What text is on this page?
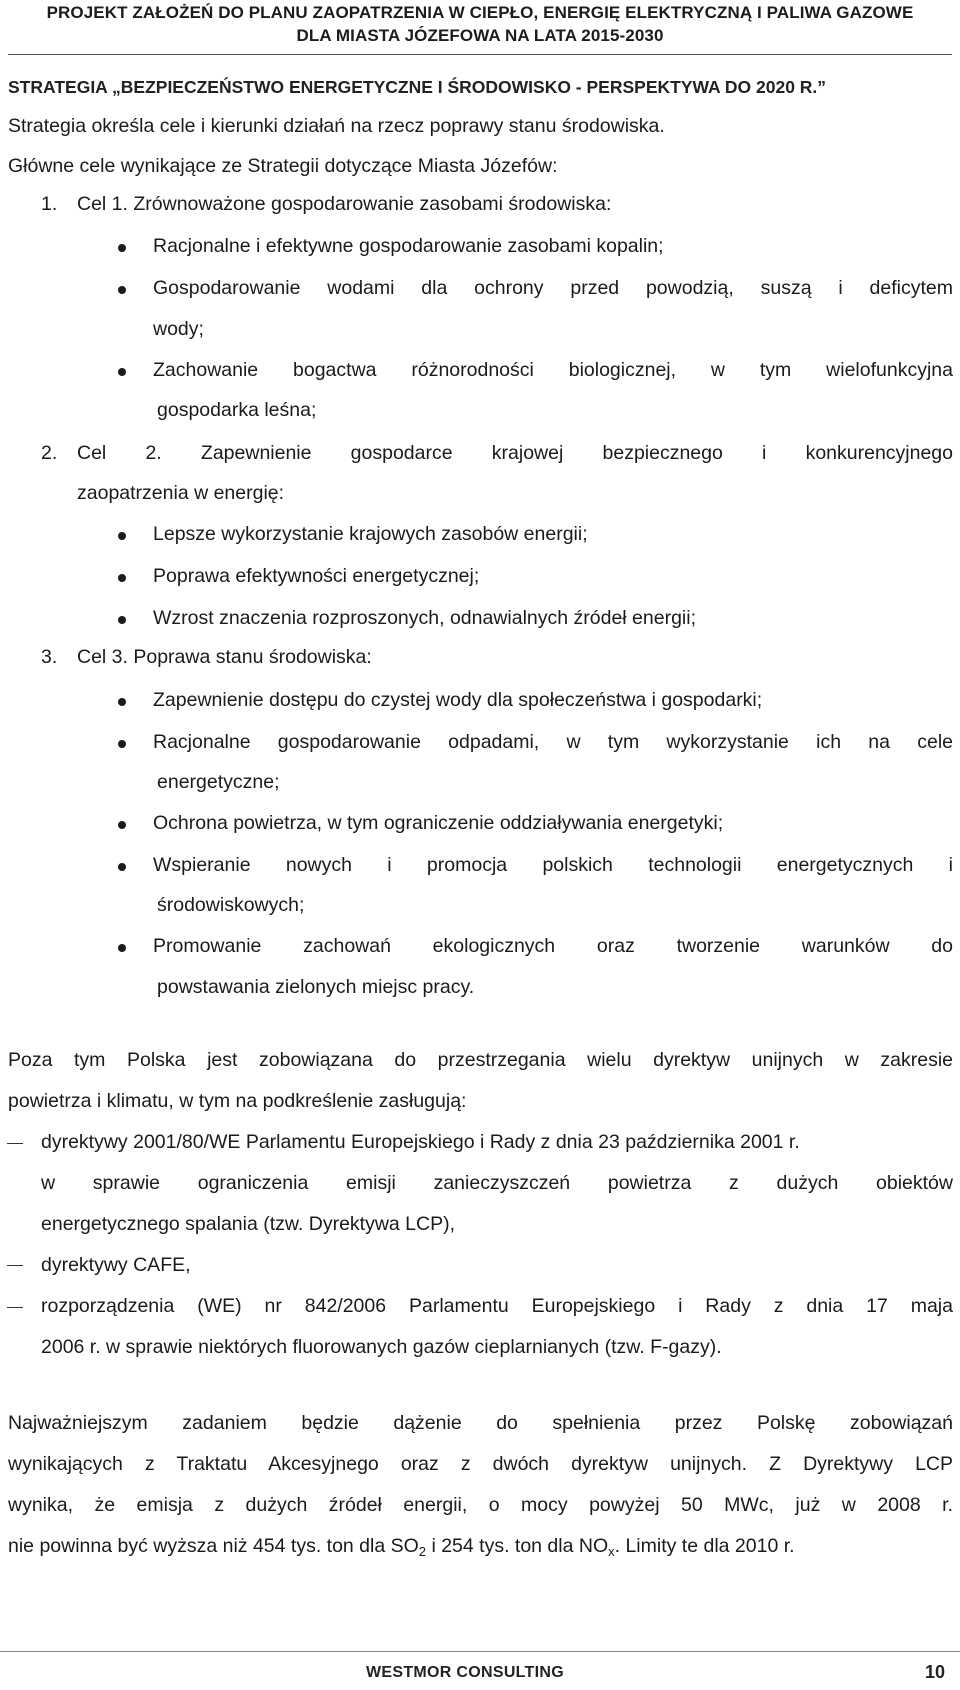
PROJEKT ZAŁOŻEŃ DO PLANU ZAOPATRZENIA W CIEPŁO, ENERGIĘ ELEKTRYCZNĄ I PALIWA GAZOWE
DLA MIASTA JÓZEFOWA NA LATA 2015-2030
STRATEGIA „BEZPIECZEŃSTWO ENERGETYCZNE I ŚRODOWISKO - PERSPEKTYWA DO 2020 R.”
Strategia określa cele i kierunki działań na rzecz poprawy stanu środowiska.
Główne cele wynikające ze Strategii dotyczące Miasta Józefów:
1. Cel 1. Zrównoważone gospodarowanie zasobami środowiska:
Racjonalne i efektywne gospodarowanie zasobami kopalin;
Gospodarowanie wodami dla ochrony przed powodzią, suszą i deficytem
wody;
Zachowanie bogactwa różnorodności biologicznej, w tym wielofunkcyjna
gospodarka leśna;
2. Cel 2. Zapewnienie gospodarce krajowej bezpiecznego i konkurencyjnego
zaopatrzenia w energię:
Lepsze wykorzystanie krajowych zasobów energii;
Poprawa efektywności energetycznej;
Wzrost znaczenia rozproszonych, odnawialnych źródeł energii;
3. Cel 3. Poprawa stanu środowiska:
Zapewnienie dostępu do czystej wody dla społeczeństwa i gospodarki;
Racjonalne gospodarowanie odpadami, w tym wykorzystanie ich na cele
energetyczne;
Ochrona powietrza, w tym ograniczenie oddziaływania energetyki;
Wspieranie nowych i promocja polskich technologii energetycznych i
środowiskowych;
Promowanie zachowań ekologicznych oraz tworzenie warunków do
powstawania zielonych miejsc pracy.
Poza tym Polska jest zobowiązana do przestrzegania wielu dyrektyw unijnych w zakresie
powietrza i klimatu, w tym na podkreślenie zasługują:
dyrektywy 2001/80/WE Parlamentu Europejskiego i Rady z dnia 23 października 2001 r.
w sprawie ograniczenia emisji zanieczyszczeń powietrza z dużych obiektów
energetycznego spalania (tzw. Dyrektywa LCP),
dyrektywy CAFE,
rozporządzenia (WE) nr 842/2006 Parlamentu Europejskiego i Rady z dnia 17 maja
2006 r. w sprawie niektórych fluorowanych gazów cieplarnianych (tzw. F-gazy).
Najważniejszym zadaniem będzie dążenie do spełnienia przez Polskę zobowiązań
wynikających z Traktatu Akcesyjnego oraz z dwóch dyrektyw unijnych. Z Dyrektywy LCP
wynika, że emisja z dużych źródeł energii, o mocy powyżej 50 MWc, już w 2008 r.
nie powinna być wyższa niż 454 tys. ton dla $SO_2$ i 254 tys. ton dla $NO_x$. Limity te dla 2010 r.
WESTMOR CONSULTING	10
